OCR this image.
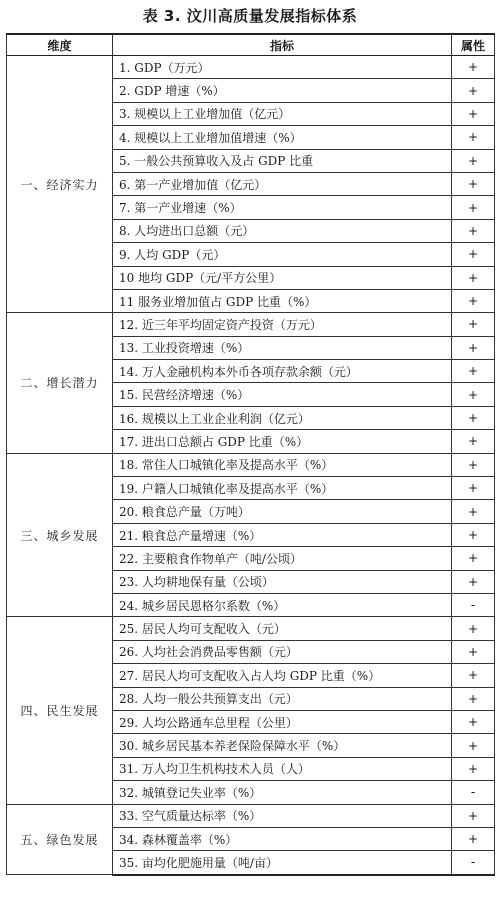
表 3. 汶川高质量发展指标体系
维度	指标	属性
一、经济实力	1. GDP（万元）	+
	2. GDP 增速（%）	+
	3. 规模以上工业增加值（亿元）	+
	4. 规模以上工业增加值增速（%）	+
	5. 一般公共预算收入及占 GDP 比重	+
	6. 第一产业增加值（亿元）	+
	7. 第一产业增速（%）	+
	8. 人均进出口总额（元）	+
	9. 人均 GDP（元）	+
	10 地均 GDP（元/平方公里）	+
	11 服务业增加值占 GDP 比重（%）	+
二、增长潜力	12. 近三年平均固定资产投资（万元）	+
	13. 工业投资增速（%）	+
	14. 万人金融机构本外币各项存款余额（元）	+
	15. 民营经济增速（%）	+
	16. 规模以上工业企业利润（亿元）	+
	17. 进出口总额占 GDP 比重（%）	+
三、城乡发展	18. 常住人口城镇化率及提高水平（%）	+
	19. 户籍人口城镇化率及提高水平（%）	+
	20. 粮食总产量（万吨）	+
	21. 粮食总产量增速（%）	+
	22. 主要粮食作物单产（吨/公顷）	+
	23. 人均耕地保有量（公顷）	+
	24. 城乡居民恩格尔系数（%）	-
四、民生发展	25. 居民人均可支配收入（元）	+
	26. 人均社会消费品零售额（元）	+
	27. 居民人均可支配收入占人均 GDP 比重（%）	+
	28. 人均一般公共预算支出（元）	+
	29. 人均公路通车总里程（公里）	+
	30. 城乡居民基本养老保险保障水平（%）	+
	31. 万人均卫生机构技术人员（人）	+
	32. 城镇登记失业率（%）	-
五、绿色发展	33. 空气质量达标率（%）	+
	34. 森林覆盖率（%）	+
	35. 亩均化肥施用量（吨/亩）	-
